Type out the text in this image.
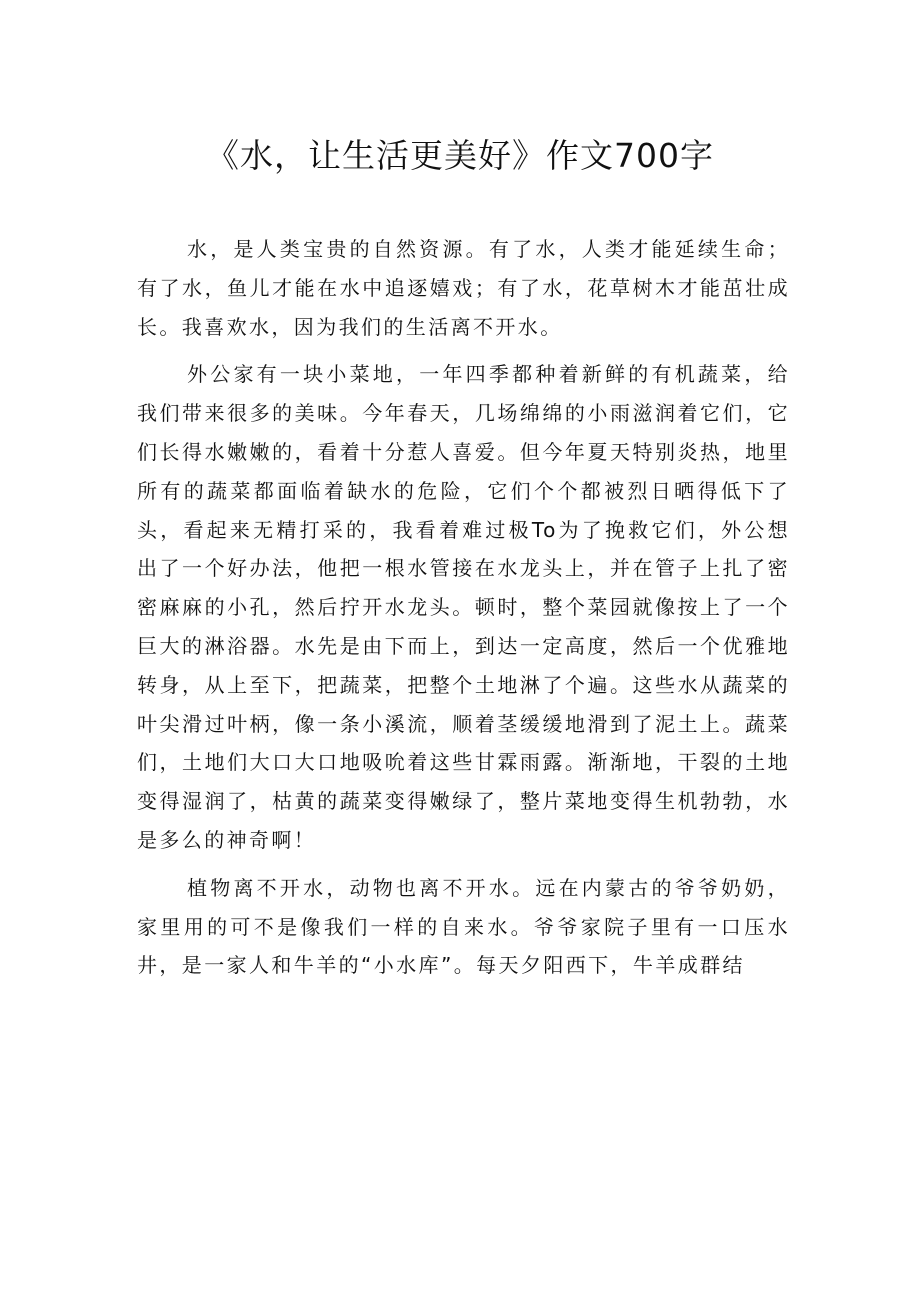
《水，让生活更美好》作文700字

水，是人类宝贵的自然资源。有了水，人类才能延续生命；有了水，鱼儿才能在水中追逐嬉戏；有了水，花草树木才能茁壮成长。我喜欢水，因为我们的生活离不开水。

外公家有一块小菜地，一年四季都种着新鲜的有机蔬菜，给我们带来很多的美味。今年春天，几场绵绵的小雨滋润着它们，它们长得水嫩嫩的，看着十分惹人喜爱。但今年夏天特别炎热，地里所有的蔬菜都面临着缺水的危险，它们个个都被烈日晒得低下了头，看起来无精打采的，我看着难过极To为了挽救它们，外公想出了一个好办法，他把一根水管接在水龙头上，并在管子上扎了密密麻麻的小孔，然后拧开水龙头。顿时，整个菜园就像按上了一个巨大的淋浴器。水先是由下而上，到达一定高度，然后一个优雅地转身，从上至下，把蔬菜，把整个土地淋了个遍。这些水从蔬菜的叶尖滑过叶柄，像一条小溪流，顺着茎缓缓地滑到了泥土上。蔬菜们，土地们大口大口地吸吮着这些甘霖雨露。渐渐地，干裂的土地变得湿润了，枯黄的蔬菜变得嫩绿了，整片菜地变得生机勃勃，水是多么的神奇啊！

植物离不开水，动物也离不开水。远在内蒙古的爷爷奶奶，家里用的可不是像我们一样的自来水。爷爷家院子里有一口压水井，是一家人和牛羊的“小水库”。每天夕阳西下，牛羊成群结
